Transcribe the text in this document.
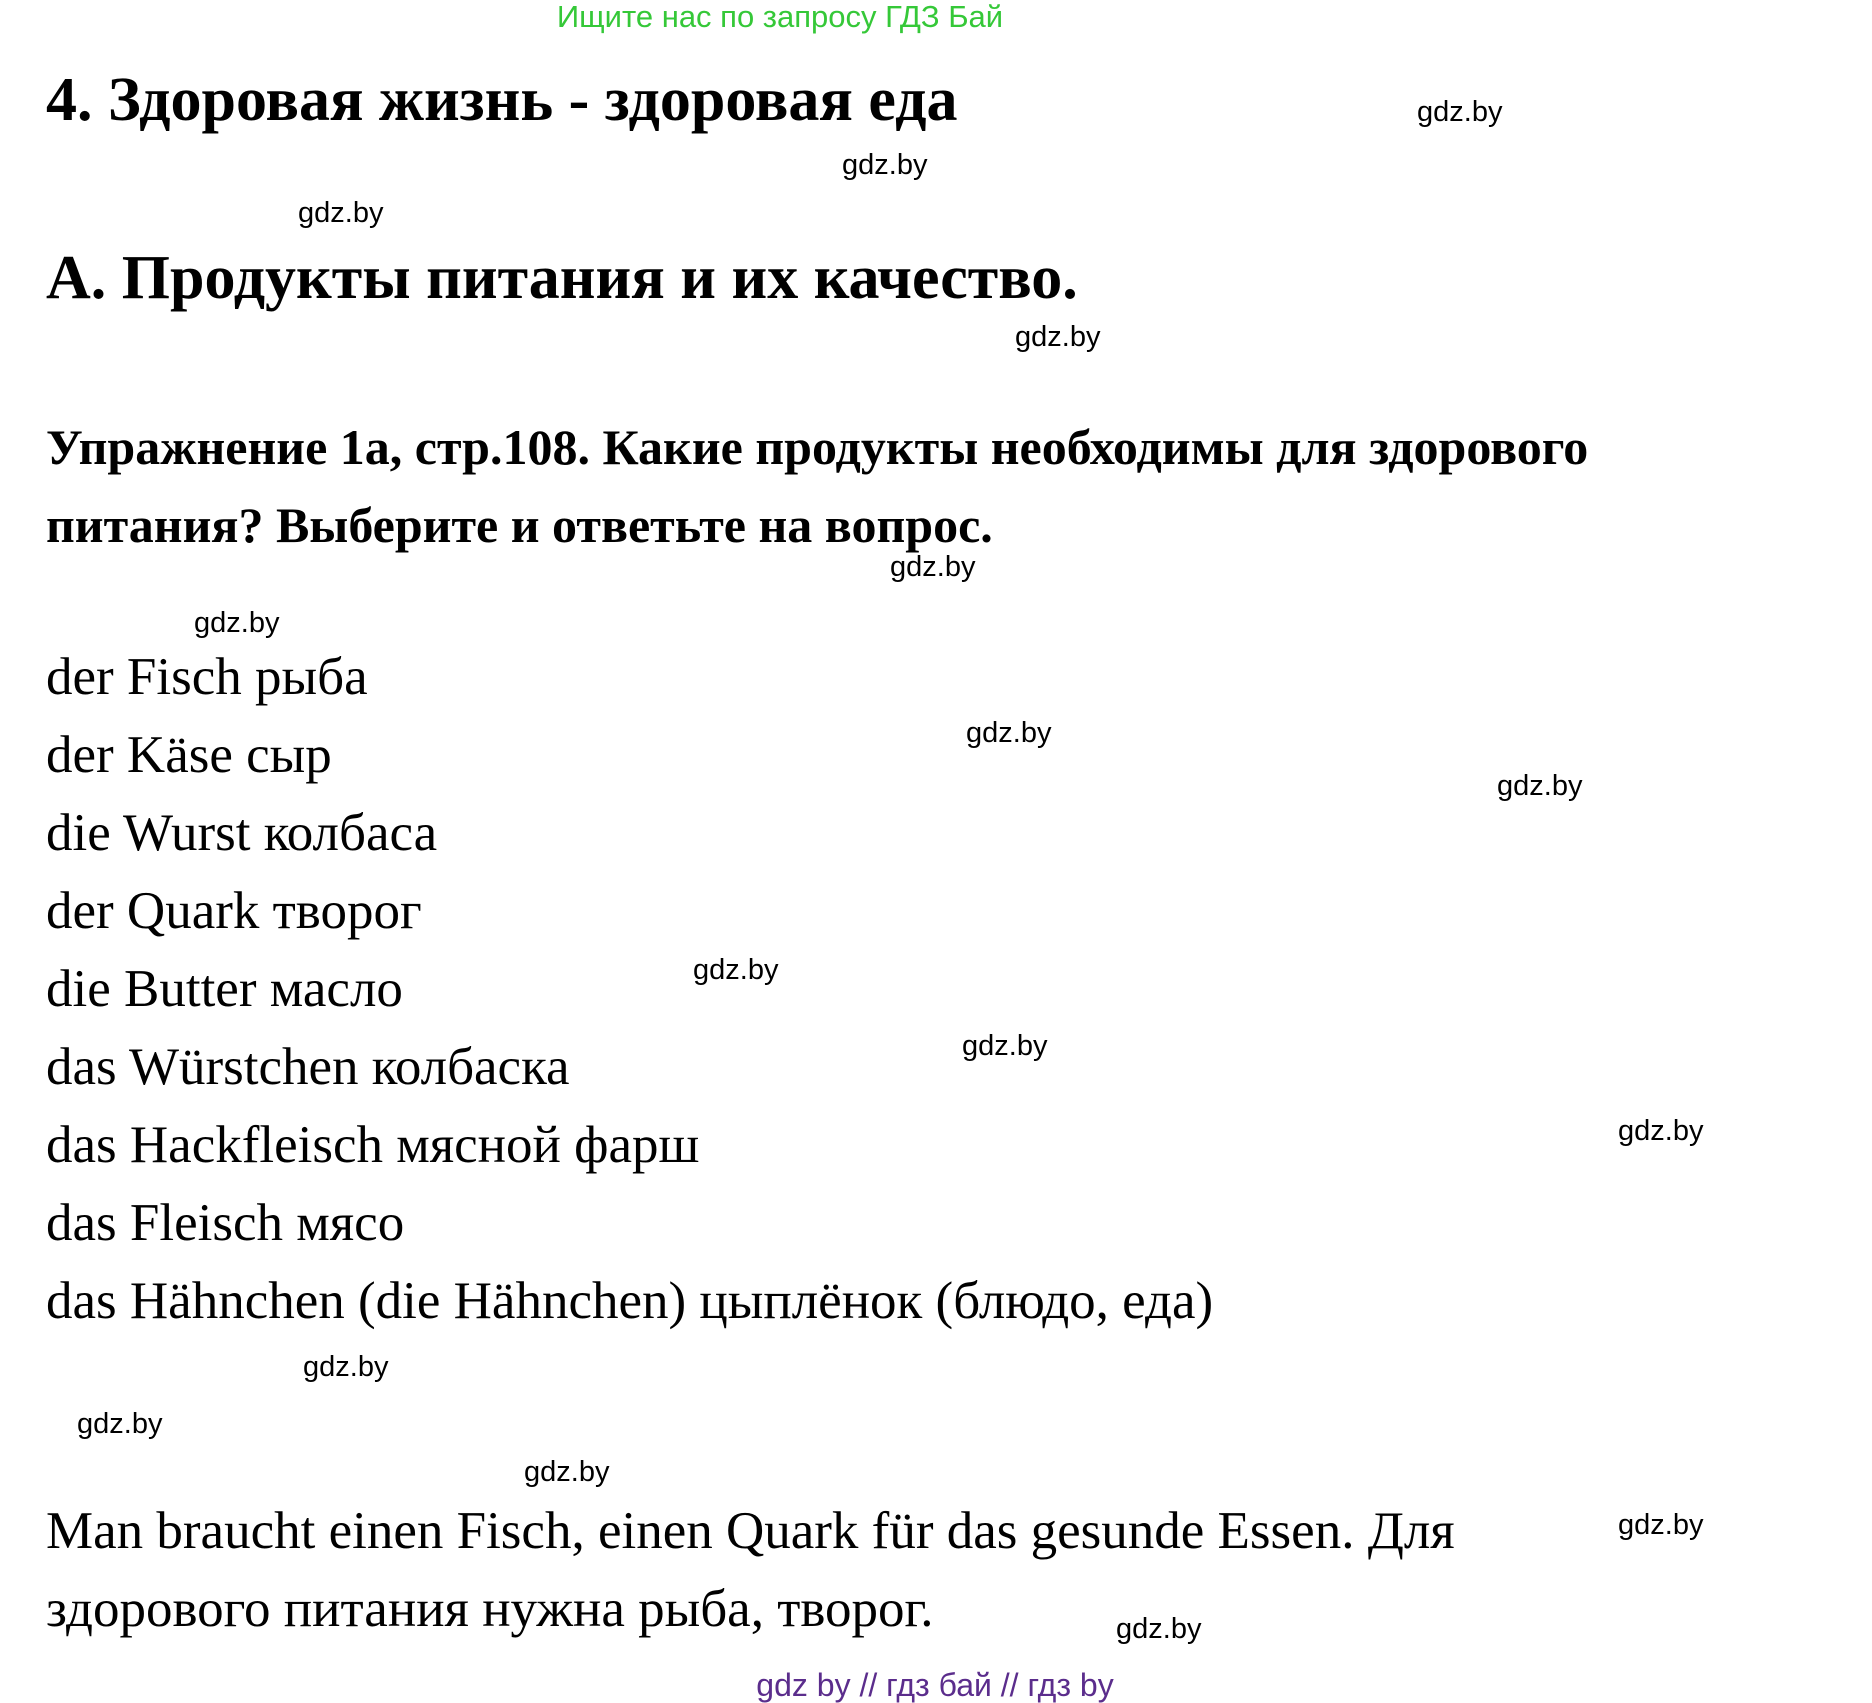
Ищите нас по запросу ГДЗ Бай
4. Здоровая жизнь - здоровая еда
А. Продукты питания и их качество.

Упражнение 1а, стр.108. Какие продукты необходимы для здорового питания? Выберите и ответьте на вопрос.

der Fisch рыба
der Käse сыр
die Wurst колбаса
der Quark творог
die Butter масло
das Würstchen колбаска
das Hackfleisch мясной фарш
das Fleisch мясо
das Hähnchen (die Hähnchen) цыплёнок (блюдо, еда)

Man braucht einen Fisch, einen Quark für das gesunde Essen. Для здорового питания нужна рыба, творог.

gdz.by
gdz.by
gdz.by
gdz.by
gdz.by
gdz.by
gdz.by
gdz.by
gdz.by
gdz.by
gdz.by
gdz.by
gdz.by
gdz.by
gdz.by
gdz.by
gdz by // гдз бай // гдз by
